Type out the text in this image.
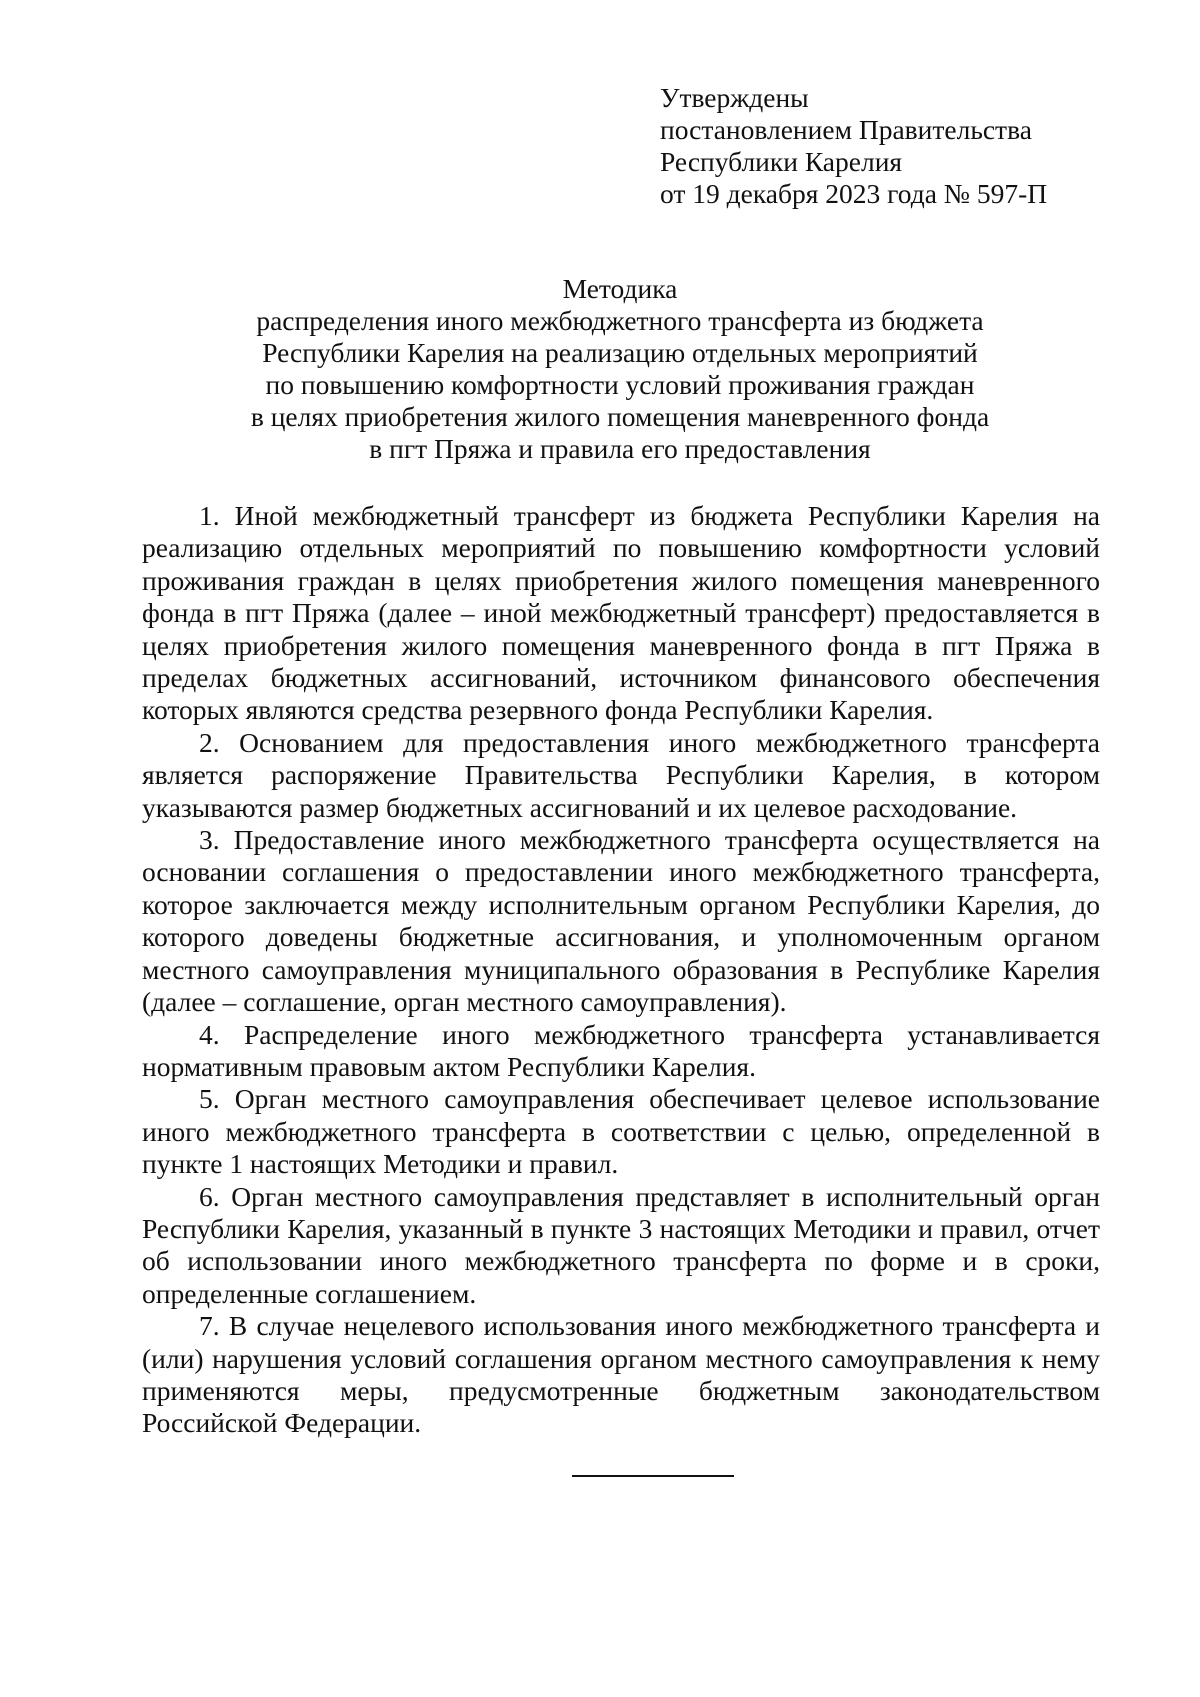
Утверждены
постановлением Правительства
Республики Карелия
от 19 декабря 2023 года № 597-П
Методика
распределения иного межбюджетного трансферта из бюджета
Республики Карелия на реализацию отдельных мероприятий
по повышению комфортности условий проживания граждан
в целях приобретения жилого помещения маневренного фонда
в пгт Пряжа и правила его предоставления

1. Иной межбюджетный трансферт из бюджета Республики Карелия на реализацию отдельных мероприятий по повышению комфортности условий проживания граждан в целях приобретения жилого помещения маневренного фонда в пгт Пряжа (далее – иной межбюджетный трансферт) предоставляется в целях приобретения жилого помещения маневренного фонда в пгт Пряжа в пределах бюджетных ассигнований, источником финансового обеспечения которых являются средства резервного фонда Республики Карелия.

2. Основанием для предоставления иного межбюджетного трансферта является распоряжение Правительства Республики Карелия, в котором указываются размер бюджетных ассигнований и их целевое расходование.

3. Предоставление иного межбюджетного трансферта осуществляется на основании соглашения о предоставлении иного межбюджетного трансферта, которое заключается между исполнительным органом Республики Карелия, до которого доведены бюджетные ассигнования, и уполномоченным органом местного самоуправления муниципального образования в Республике Карелия (далее – соглашение, орган местного самоуправления).

4. Распределение иного межбюджетного трансферта устанавливается нормативным правовым актом Республики Карелия.

5. Орган местного самоуправления обеспечивает целевое использование иного межбюджетного трансферта в соответствии с целью, определенной в пункте 1 настоящих Методики и правил.

6. Орган местного самоуправления представляет в исполнительный орган Республики Карелия, указанный в пункте 3 настоящих Методики и правил, отчет об использовании иного межбюджетного трансферта по форме и в сроки, определенные соглашением.

7. В случае нецелевого использования иного межбюджетного трансферта и (или) нарушения условий соглашения органом местного самоуправления к нему применяются меры, предусмотренные бюджетным законодательством Российской Федерации.
